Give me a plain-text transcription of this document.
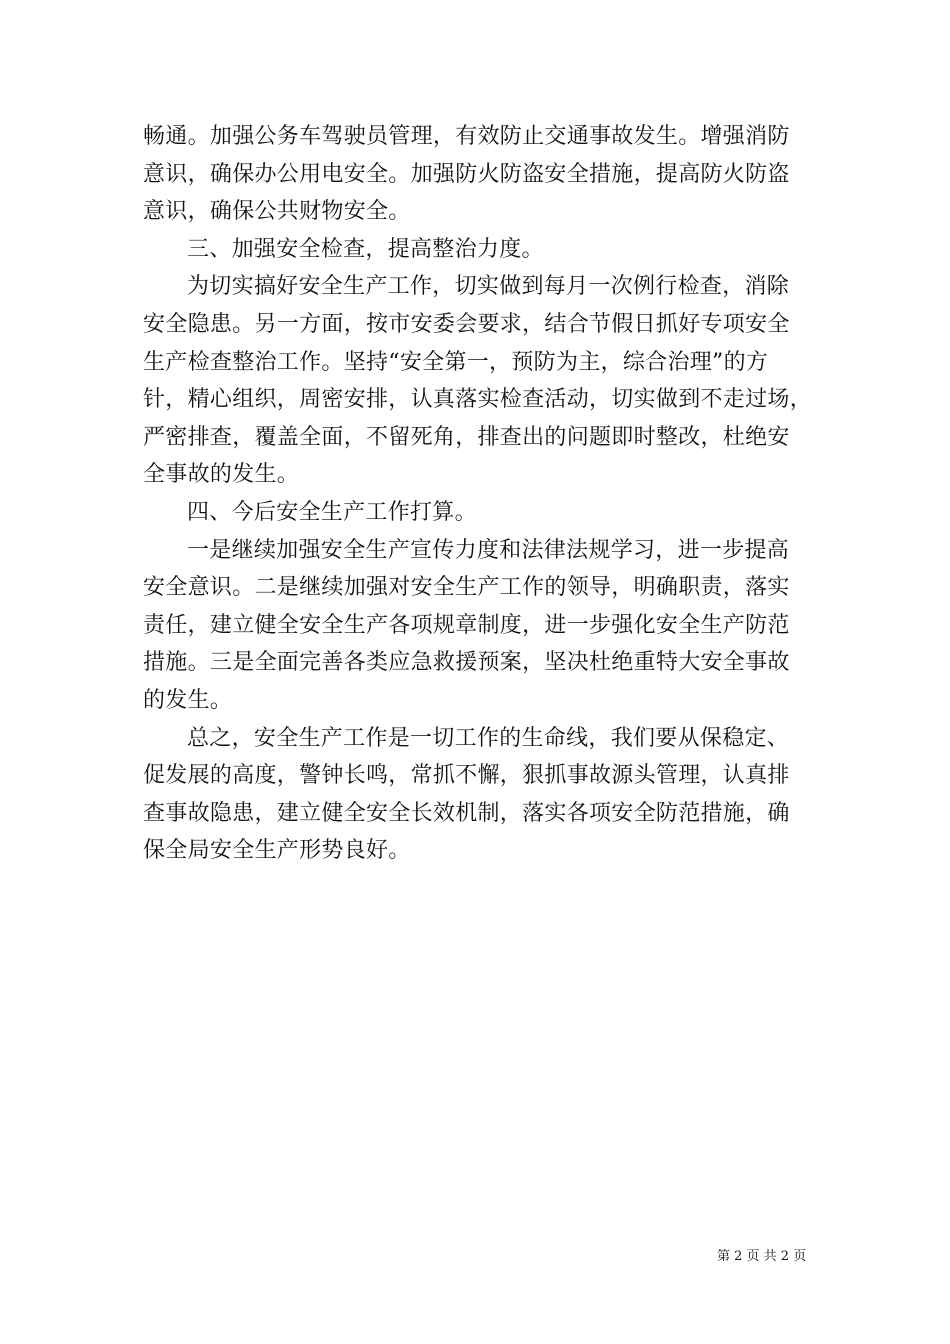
畅通。加强公务车驾驶员管理，有效防止交通事故发生。增强消防
意识，确保办公用电安全。加强防火防盗安全措施，提高防火防盗
意识，确保公共财物安全。
三、加强安全检查，提高整治力度。
为切实搞好安全生产工作，切实做到每月一次例行检查，消除
安全隐患。另一方面，按市安委会要求，结合节假日抓好专项安全
生产检查整治工作。坚持“安全第一，预防为主，综合治理”的方
针，精心组织，周密安排，认真落实检查活动，切实做到不走过场，
严密排查，覆盖全面，不留死角，排查出的问题即时整改，杜绝安
全事故的发生。
四、今后安全生产工作打算。
一是继续加强安全生产宣传力度和法律法规学习，进一步提高
安全意识。二是继续加强对安全生产工作的领导，明确职责，落实
责任，建立健全安全生产各项规章制度，进一步强化安全生产防范
措施。三是全面完善各类应急救援预案，坚决杜绝重特大安全事故
的发生。
总之，安全生产工作是一切工作的生命线，我们要从保稳定、
促发展的高度，警钟长鸣，常抓不懈，狠抓事故源头管理，认真排
查事故隐患，建立健全安全长效机制，落实各项安全防范措施，确
保全局安全生产形势良好。
第 2 页 共 2 页
